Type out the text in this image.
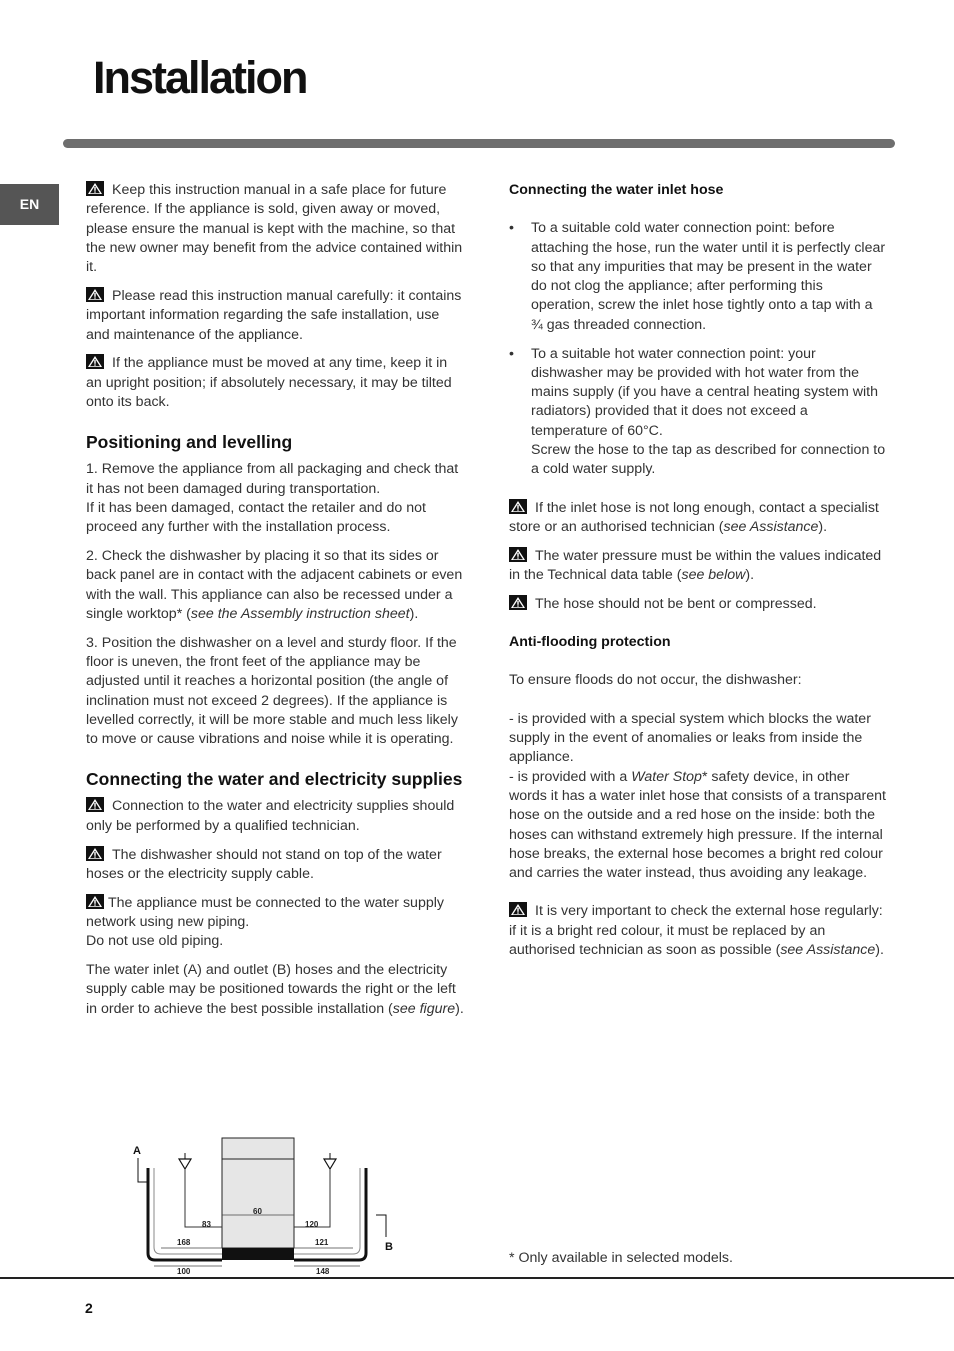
Installation
EN

Keep this instruction manual in a safe place for future reference. If the appliance is sold, given away or moved, please ensure the manual is kept with the machine, so that the new owner may benefit from the advice contained within it.

Please read this instruction manual carefully: it contains important information regarding the safe installation, use and maintenance of the appliance.

If the appliance must be moved at any time, keep it in an upright position; if absolutely necessary, it may be tilted onto its back.

Positioning and levelling

1. Remove the appliance from all packaging and check that it has not been damaged during transportation.
If it has been damaged, contact the retailer and do not proceed any further with the installation process.

2. Check the dishwasher by placing it so that its sides or back panel are in contact with the adjacent cabinets or even with the wall. This appliance can also be recessed under a single worktop* (see the Assembly instruction sheet).

3. Position the dishwasher on a level and sturdy floor. If the floor is uneven, the front feet of the appliance may be adjusted until it reaches a horizontal position (the angle of inclination must not exceed 2 degrees). If the appliance is levelled correctly, it will be more stable and much less likely to move or cause vibrations and noise while it is operating.

Connecting the water and electricity supplies

Connection to the water and electricity supplies should only be performed by a qualified technician.

The dishwasher should not stand on top of the water hoses or the electricity supply cable.

The appliance must be connected to the water supply network using new piping.
Do not use old piping.

The water inlet (A) and outlet (B) hoses and the electricity supply cable may be positioned towards the right or the left in order to achieve the best possible installation (see figure).

Connecting the water inlet hose
• To a suitable cold water connection point: before attaching the hose, run the water until it is perfectly clear so that any impurities that may be present in the water do not clog the appliance; after performing this operation, screw the inlet hose tightly onto a tap with a ¾ gas threaded connection.
• To a suitable hot water connection point: your dishwasher may be provided with hot water from the mains supply (if you have a central heating system with radiators) provided that it does not exceed a temperature of 60°C.
Screw the hose to the tap as described for connection to a cold water supply.

If the inlet hose is not long enough, contact a specialist store or an authorised technician (see Assistance).

The water pressure must be within the values indicated in the Technical data table (see below).

The hose should not be bent or compressed.

Anti-flooding protection

To ensure floods do not occur, the dishwasher:

- is provided with a special system which blocks the water supply in the event of anomalies or leaks from inside the appliance.
- is provided with a Water Stop* safety device, in other words it has a water inlet hose that consists of a transparent hose on the outside and a red hose on the inside: both the hoses can withstand extremely high pressure. If the internal hose breaks, the external hose becomes a bright red colour and carries the water instead, thus avoiding any leakage.

It is very important to check the external hose regularly: if it is a bright red colour, it must be replaced by an authorised technician as soon as possible (see Assistance).

A
B
60
83	120
168	121
100	148
* Only available in selected models.
2
